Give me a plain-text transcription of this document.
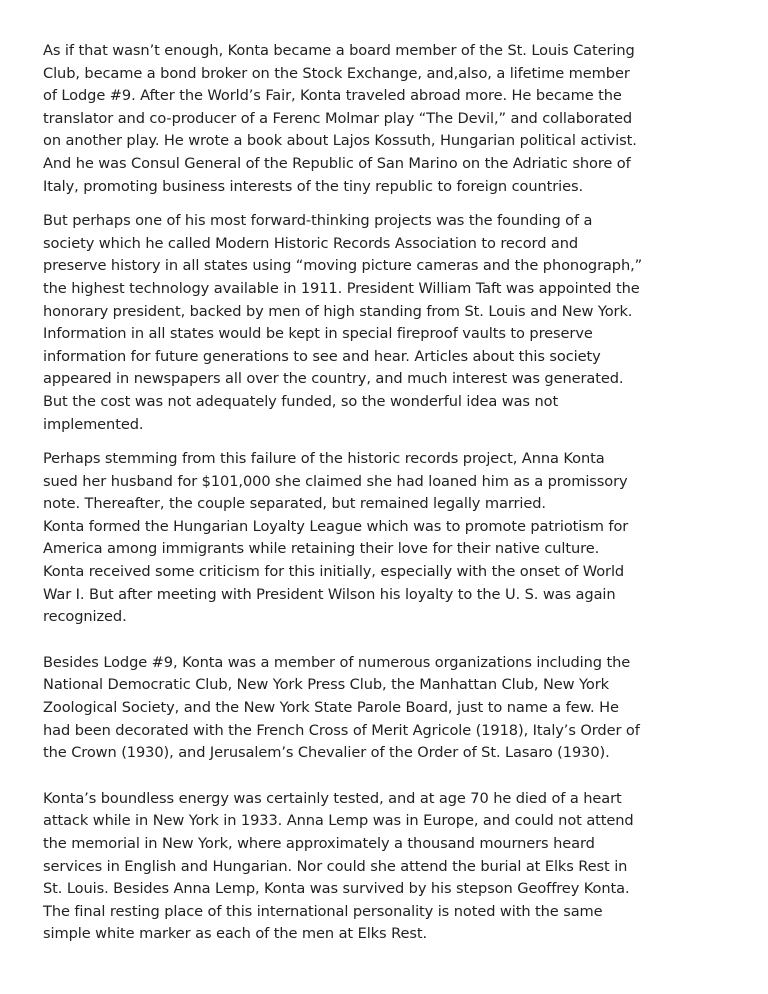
As if that wasn’t enough, Konta became a board member of the St. Louis Catering
Club, became a bond broker on the Stock Exchange, and,also, a lifetime member
of Lodge #9. After the World’s Fair, Konta traveled abroad more. He became the
translator and co-producer of a Ferenc Molmar play “The Devil,” and collaborated
on another play. He wrote a book about Lajos Kossuth, Hungarian political activist.
And he was Consul General of the Republic of San Marino on the Adriatic shore of
Italy, promoting business interests of the tiny republic to foreign countries.

But perhaps one of his most forward-thinking projects was the founding of a
society which he called Modern Historic Records Association to record and
preserve history in all states using “moving picture cameras and the phonograph,”
the highest technology available in 1911. President William Taft was appointed the
honorary president, backed by men of high standing from St. Louis and New York.
Information in all states would be kept in special fireproof vaults to preserve
information for future generations to see and hear. Articles about this society
appeared in newspapers all over the country, and much interest was generated.
But the cost was not adequately funded, so the wonderful idea was not
implemented.

Perhaps stemming from this failure of the historic records project, Anna Konta
sued her husband for $101,000 she claimed she had loaned him as a promissory
note. Thereafter, the couple separated, but remained legally married.

Konta formed the Hungarian Loyalty League which was to promote patriotism for
America among immigrants while retaining their love for their native culture.
Konta received some criticism for this initially, especially with the onset of World
War I. But after meeting with President Wilson his loyalty to the U. S. was again
recognized.

Besides Lodge #9, Konta was a member of numerous organizations including the
National Democratic Club, New York Press Club, the Manhattan Club, New York
Zoological Society, and the New York State Parole Board, just to name a few. He
had been decorated with the French Cross of Merit Agricole (1918), Italy’s Order of
the Crown (1930), and Jerusalem’s Chevalier of the Order of St. Lasaro (1930).

Konta’s boundless energy was certainly tested, and at age 70 he died of a heart
attack while in New York in 1933. Anna Lemp was in Europe, and could not attend
the memorial in New York, where approximately a thousand mourners heard
services in English and Hungarian. Nor could she attend the burial at Elks Rest in
St. Louis. Besides Anna Lemp, Konta was survived by his stepson Geoffrey Konta.
The final resting place of this international personality is noted with the same
simple white marker as each of the men at Elks Rest.
